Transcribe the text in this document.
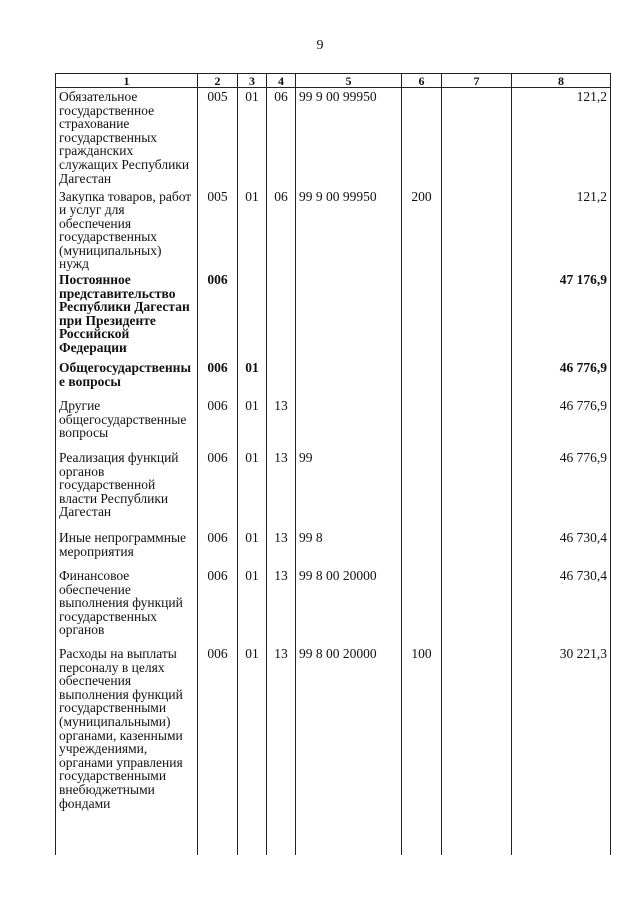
9
1	2	3	4	5	6	7	8

Обязательное государственное страхование государственных гражданских служащих Республики Дагестан	005	01	06	99 9 00 99950			121,2

Закупка товаров, работ и услуг для обеспечения государственных (муниципальных) нужд	005	01	06	99 9 00 99950	200		121,2

Постоянное представительство Республики Дагестан при Президенте Российской Федерации	006						47 176,9

Общегосударственные вопросы	006	01					46 776,9

Другие общегосударственные вопросы	006	01	13				46 776,9

Реализация функций органов государственной власти Республики Дагестан	006	01	13	99			46 776,9

Иные непрограммные мероприятия	006	01	13	99 8			46 730,4

Финансовое обеспечение выполнения функций государственных органов	006	01	13	99 8 00 20000			46 730,4

Расходы на выплаты персоналу в целях обеспечения выполнения функций государственными (муниципальными) органами, казенными учреждениями, органами управления государственными внебюджетными фондами	006	01	13	99 8 00 20000	100		30 221,3
